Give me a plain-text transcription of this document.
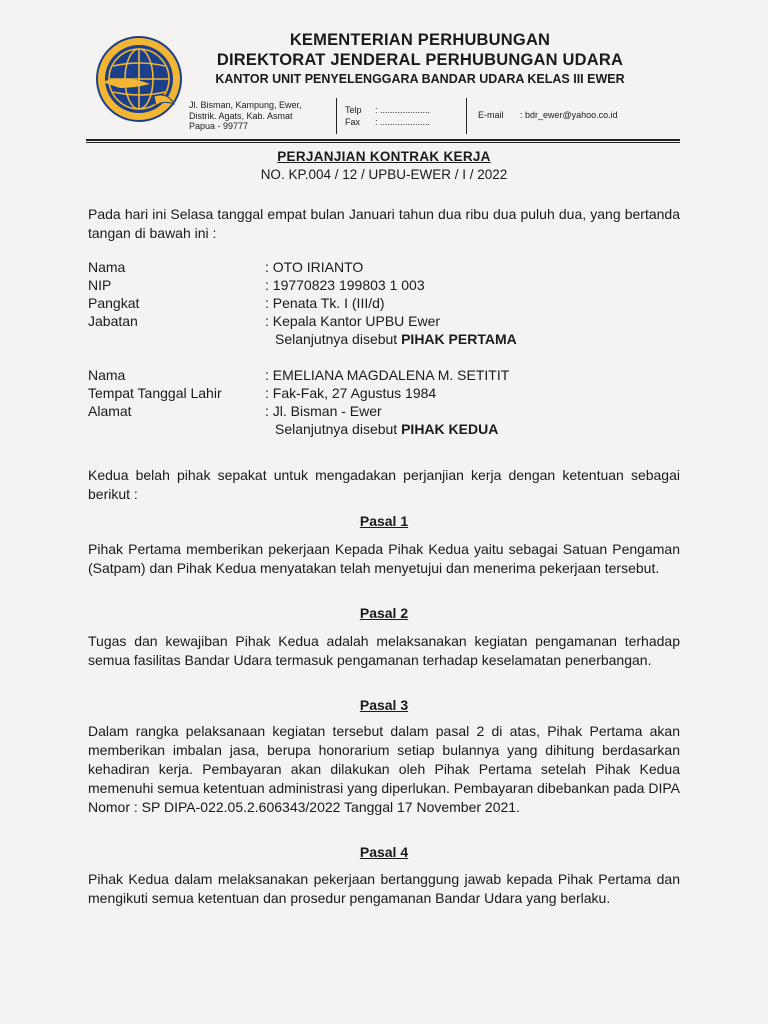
KEMENTERIAN PERHUBUNGAN
DIREKTORAT JENDERAL PERHUBUNGAN UDARA
KANTOR UNIT PENYELENGGARA BANDAR UDARA KELAS III EWER
Jl. Bisman, Kampung, Ewer,
Distrik. Agats, Kab. Asmat
Papua - 99777
Telp : ....................
Fax : ....................
E-mail : bdr_ewer@yahoo.co.id
PERJANJIAN KONTRAK KERJA
NO. KP.004 / 12 / UPBU-EWER / I / 2022
Pada hari ini Selasa tanggal empat bulan Januari tahun dua ribu dua puluh dua, yang bertanda tangan di bawah ini :
Nama	: OTO IRIANTO
NIP	: 19770823 199803 1 003
Pangkat	: Penata Tk. I (III/d)
Jabatan	: Kepala Kantor UPBU Ewer
Selanjutnya disebut PIHAK PERTAMA
Nama	: EMELIANA MAGDALENA M. SETITIT
Tempat Tanggal Lahir	: Fak-Fak, 27 Agustus 1984
Alamat	: Jl. Bisman - Ewer
Selanjutnya disebut PIHAK KEDUA
Kedua belah pihak sepakat untuk mengadakan perjanjian kerja dengan ketentuan sebagai berikut :
Pasal 1
Pihak Pertama memberikan pekerjaan Kepada Pihak Kedua yaitu sebagai Satuan Pengaman (Satpam) dan Pihak Kedua menyatakan telah menyetujui dan menerima pekerjaan tersebut.
Pasal 2
Tugas dan kewajiban Pihak Kedua adalah melaksanakan kegiatan pengamanan terhadap semua fasilitas Bandar Udara termasuk pengamanan terhadap keselamatan penerbangan.
Pasal 3
Dalam rangka pelaksanaan kegiatan tersebut dalam pasal 2 di atas, Pihak Pertama akan memberikan imbalan jasa, berupa honorarium setiap bulannya yang dihitung berdasarkan kehadiran kerja. Pembayaran akan dilakukan oleh Pihak Pertama setelah Pihak Kedua memenuhi semua ketentuan administrasi yang diperlukan. Pembayaran dibebankan pada DIPA Nomor : SP DIPA-022.05.2.606343/2022 Tanggal 17 November 2021.
Pasal 4
Pihak Kedua dalam melaksanakan pekerjaan bertanggung jawab kepada Pihak Pertama dan mengikuti semua ketentuan dan prosedur pengamanan Bandar Udara yang berlaku.
